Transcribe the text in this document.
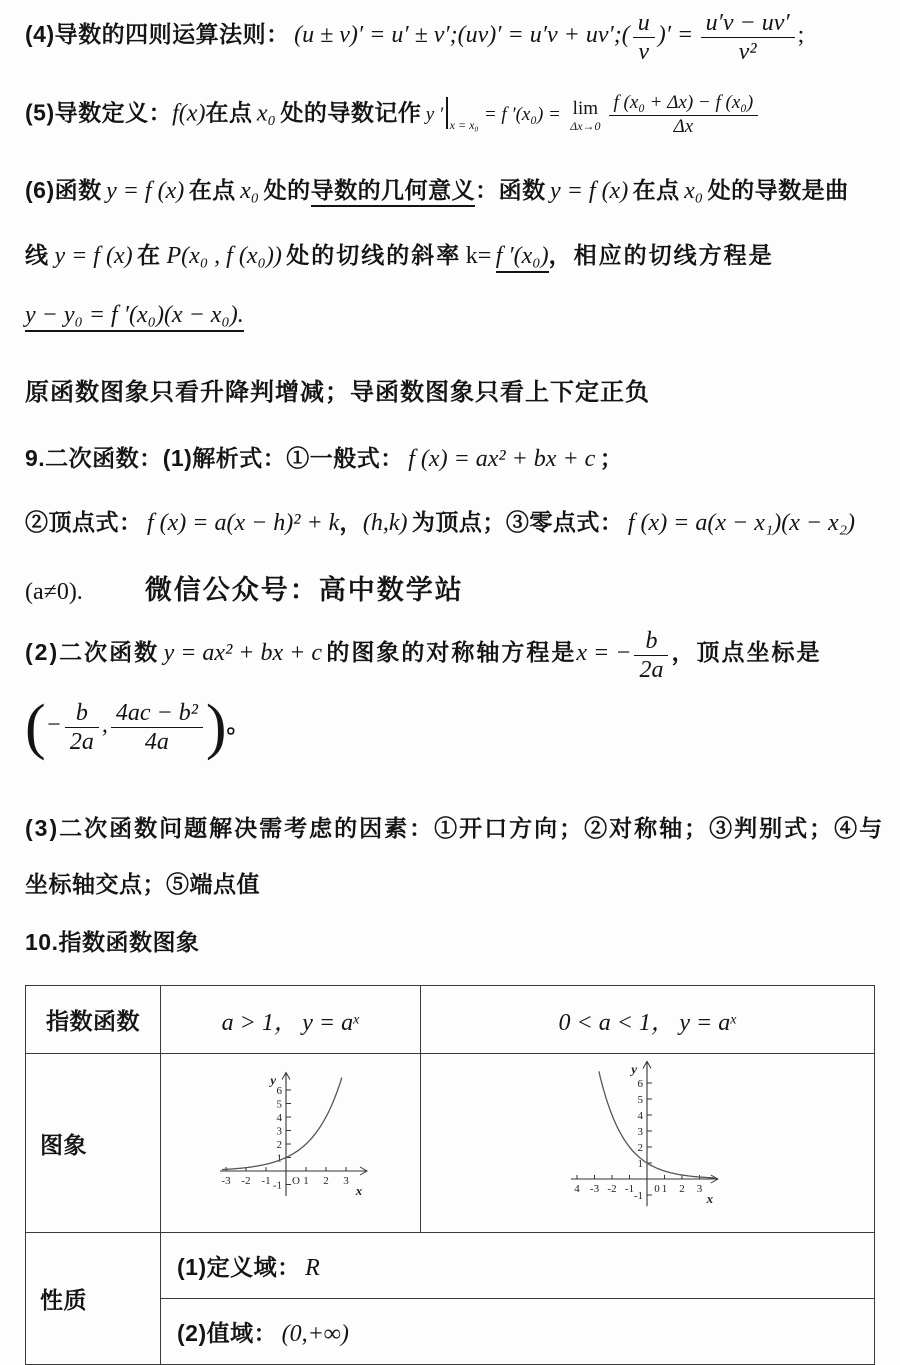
(4)导数的四则运算法则： (u ± v)′ = u′ ± v′;(uv)′ = u′v + uv′;( $\frac{u}{v}$ )′ = $\frac{u'v - uv'}{\text{v²}}$ ;
(5)导数定义：f(x)在点 x₀ 处的导数记作 y ′ $_{x = x_0}$ = f ′(x₀) = lim
$\Delta x\to 0 \frac{\text{f (x₀ + Δx) − f (x₀)}}{\Delta x}$
(6)函数 y = f (x) 在点 x₀ 处的导数的几何意义：函数 y = f (x) 在点 x₀ 处的导数是曲
线 y = f (x) 在 P(x₀ , f (x₀)) 处的切线的斜率 k= f ′(x₀)，相应的切线方程是
y − y₀ = f ′(x₀)(x − x₀).
原函数图象只看升降判增减；导函数图象只看上下定正负
9.二次函数：(1)解析式：①一般式： f (x) = ax² + bx + c ；
②顶点式： f (x) = a(x − h)² + k，(h,k) 为顶点；③零点式： f (x) = a(x − x₁)(x − x₂)
(a≠0). 微信公众号：高中数学站
(2)二次函数 y = ax² + bx + c 的图象的对称轴方程是x = − $\frac{b}{2a}$ ，顶点坐标是
(− $\frac{b}{2a}$ , $\frac{\text{4ac − b²}}{4a}$ )。
(3)二次函数问题解决需考虑的因素：①开口方向；②对称轴；③判别式；④与
坐标轴交点；⑤端点值
10.指数函数图象
指数函数	a > 1， $y = a^x$	0 < a < 1， $y = a^x$
图象	
-3 -2 -1	1 2 3
1
2
3
4
5
6
-1 O
y
x	4 -3 -2 -1	1 2 3
1
2
3
4
5
6
-1
0
y
x

性质	(1)定义域： R	
	(2)值域： (0,+∞)	
